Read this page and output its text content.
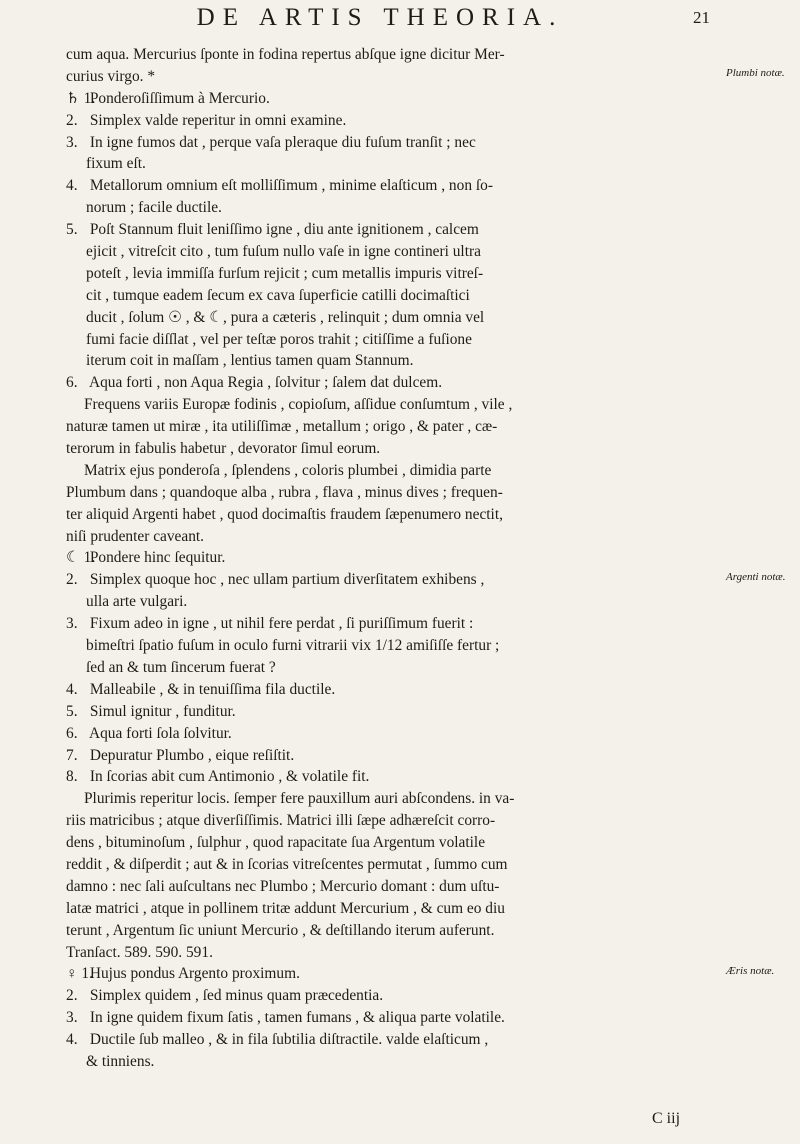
DE ARTIS THEORIA.	21
cum aqua. Mercurius ſponte in fodina repertus abſque igne dicitur Mer-
curius virgo. *
♄ 1. Ponderoſiſſimum à Mercurio.
2. Simplex valde reperitur in omni examine.
3. In igne fumos dat , perque vaſa pleraque diu fuſum tranſit ; nec
fixum eſt.
4. Metallorum omnium eſt molliſſimum , minime elaſticum , non ſo-
norum ; facile ductile.
5. Poſt Stannum fluit leniſſimo igne , diu ante ignitionem , calcem
ejicit , vitreſcit cito , tum fuſum nullo vaſe in igne contineri ultra
poteſt , levia immiſſa furſum rejicit ; cum metallis impuris vitreſ-
cit , tumque eadem ſecum ex cava ſuperficie catilli docimaſtici
ducit , ſolum ☉ , & ☾, pura a cæteris , relinquit ; dum omnia vel
fumi facie diſſlat , vel per teſtæ poros trahit ; citiſſime a fuſione
iterum coit in maſſam , lentius tamen quam Stannum.
6. Aqua forti , non Aqua Regia , ſolvitur ; ſalem dat dulcem.
Frequens variis Europæ fodinis , copioſum, aſſidue conſumtum , vile ,
naturæ tamen ut miræ , ita utiliſſimæ , metallum ; origo , & pater , cæ-
terorum in fabulis habetur , devorator ſimul eorum.
Matrix ejus ponderoſa , ſplendens , coloris plumbei , dimidia parte
Plumbum dans ; quandoque alba , rubra , flava , minus dives ; frequen-
ter aliquid Argenti habet , quod docimaſtis fraudem ſæpenumero nectit,
niſi prudenter caveant.
☾ 1. Pondere hinc ſequitur.
2. Simplex quoque hoc , nec ullam partium diverſitatem exhibens ,
ulla arte vulgari.
3. Fixum adeo in igne , ut nihil fere perdat , ſi puriſſimum fuerit :
bimeſtri ſpatio fuſum in oculo furni vitrarii vix 1/12 amiſiſſe fertur ;
ſed an & tum ſincerum fuerat ?
4. Malleabile , & in tenuiſſima fila ductile.
5. Simul ignitur , funditur.
6. Aqua forti ſola ſolvitur.
7. Depuratur Plumbo , eique reſiſtit.
8. In ſcorias abit cum Antimonio , & volatile fit.
Plurimis reperitur locis. ſemper fere pauxillum auri abſcondens. in va-
riis matricibus ; atque diverſiſſimis. Matrici illi ſæpe adhæreſcit corro-
dens , bituminoſum , ſulphur , quod rapacitate ſua Argentum volatile
reddit , & diſperdit ; aut & in ſcorias vitreſcentes permutat , ſummo cum
damno : nec ſali auſcultans nec Plumbo ; Mercurio domant : dum uſtu-
latæ matrici , atque in pollinem tritæ addunt Mercurium , & cum eo diu
terunt , Argentum ſic uniunt Mercurio , & deſtillando iterum auferunt.
Tranſact. 589. 590. 591.
♀ 1. Hujus pondus Argento proximum.
2. Simplex quidem , ſed minus quam præcedentia.
3. In igne quidem fixum ſatis , tamen fumans , & aliqua parte volatile.
4. Ductile ſub malleo , & in fila ſubtilia diſtractile. valde elaſticum ,
& tinniens.
Plumbi notæ.
Argenti notæ.
Æris notæ.
C iij
